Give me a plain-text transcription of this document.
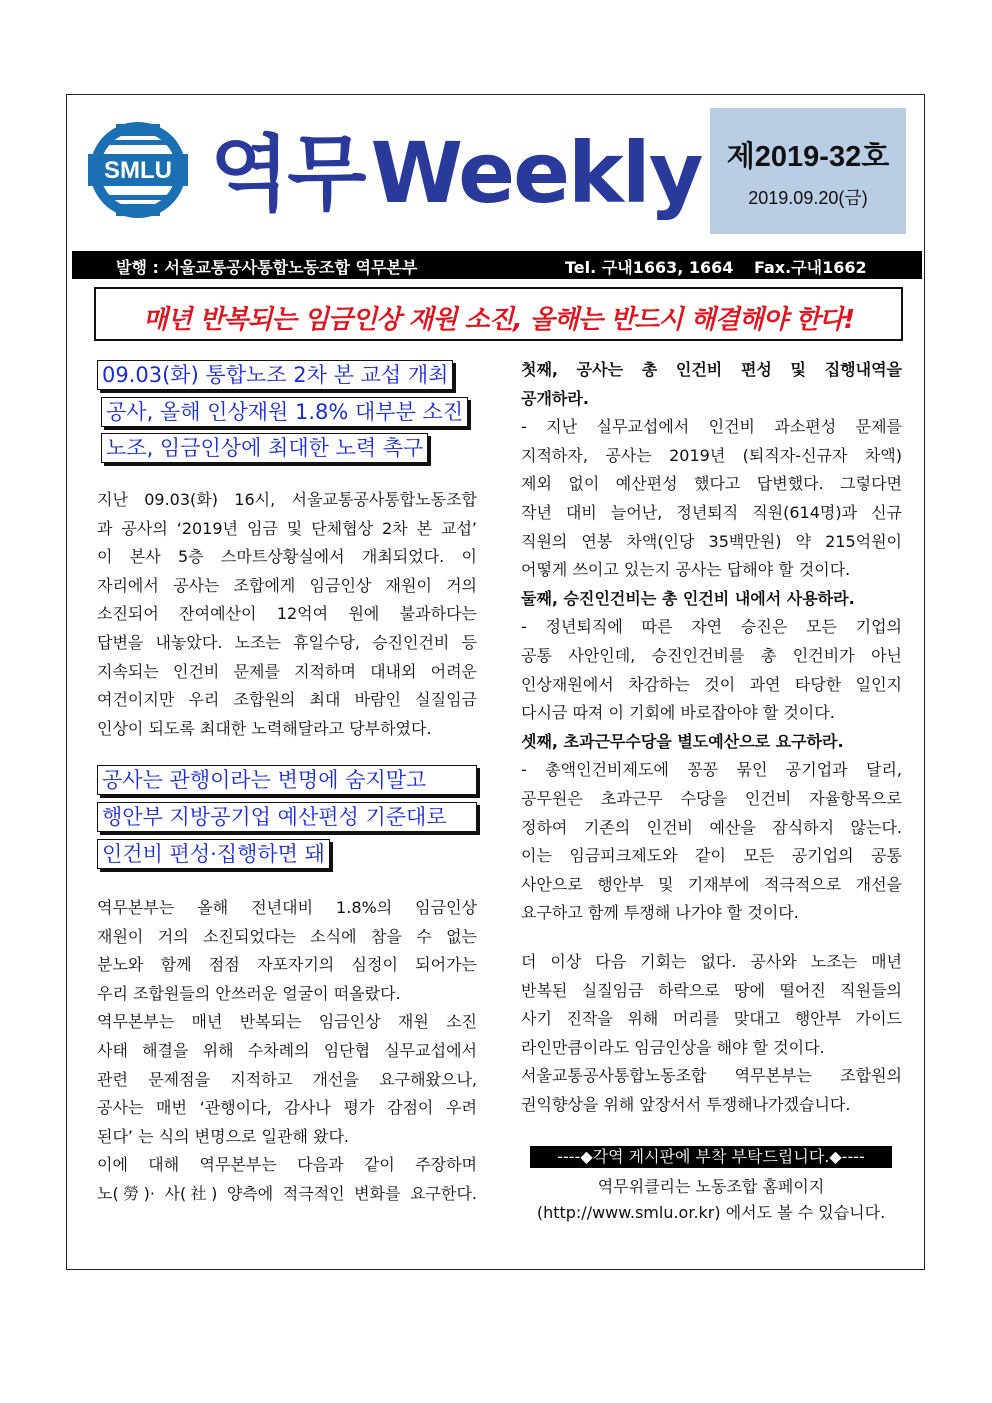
SMLU 역무Weekly 제2019-32호
2019.09.20(금)
발행 : 서울교통공사통합노동조합 역무본부	Tel. 구내1663, 1664 Fax.구내1662
매년 반복되는 임금인상 재원 소진, 올해는 반드시 해결해야 한다!
09.03(화) 통합노조 2차 본 교섭 개최
공사, 올해 인상재원 1.8% 대부분 소진
노조, 임금인상에 최대한 노력 촉구
지난 09.03(화) 16시, 서울교통공사통합노동조합
과 공사의 ‘2019년 임금 및 단체협상 2차 본 교섭’
이 본사 5층 스마트상황실에서 개최되었다. 이
자리에서 공사는 조합에게 임금인상 재원이 거의
소진되어 잔여예산이 12억여 원에 불과하다는
답변을 내놓았다. 노조는 휴일수당, 승진인건비 등
지속되는 인건비 문제를 지적하며 대내외 어려운
여건이지만 우리 조합원의 최대 바람인 실질임금
인상이 되도록 최대한 노력해달라고 당부하였다.
공사는 관행이라는 변명에 숨지말고
행안부 지방공기업 예산편성 기준대로
인건비 편성·집행하면 돼
역무본부는 올해 전년대비 1.8%의 임금인상
재원이 거의 소진되었다는 소식에 참을 수 없는
분노와 함께 점점 자포자기의 심정이 되어가는
우리 조합원들의 안쓰러운 얼굴이 떠올랐다.
역무본부는 매년 반복되는 임금인상 재원 소진
사태 해결을 위해 수차례의 임단협 실무교섭에서
관련 문제점을 지적하고 개선을 요구해왔으나,
공사는 매번 ‘관행이다, 감사나 평가 감점이 우려
된다’ 는 식의 변명으로 일관해 왔다.
이에 대해 역무본부는 다음과 같이 주장하며
노(勞)· 사(社) 양측에 적극적인 변화를 요구한다.
첫째, 공사는 총 인건비 편성 및 집행내역을
공개하라.
- 지난 실무교섭에서 인건비 과소편성 문제를
지적하자, 공사는 2019년 (퇴직자-신규자 차액)
제외 없이 예산편성 했다고 답변했다. 그렇다면
작년 대비 늘어난, 정년퇴직 직원(614명)과 신규
직원의 연봉 차액(인당 35백만원) 약 215억원이
어떻게 쓰이고 있는지 공사는 답해야 할 것이다.
둘째, 승진인건비는 총 인건비 내에서 사용하라.
- 정년퇴직에 따른 자연 승진은 모든 기업의
공통 사안인데, 승진인건비를 총 인건비가 아닌
인상재원에서 차감하는 것이 과연 타당한 일인지
다시금 따져 이 기회에 바로잡아야 할 것이다.
셋째, 초과근무수당을 별도예산으로 요구하라.
- 총액인건비제도에 꽁꽁 묶인 공기업과 달리,
공무원은 초과근무 수당을 인건비 자율항목으로
정하여 기존의 인건비 예산을 잠식하지 않는다.
이는 임금피크제도와 같이 모든 공기업의 공통
사안으로 행안부 및 기재부에 적극적으로 개선을
요구하고 함께 투쟁해 나가야 할 것이다.
더 이상 다음 기회는 없다. 공사와 노조는 매년
반복된 실질임금 하락으로 땅에 떨어진 직원들의
사기 진작을 위해 머리를 맞대고 행안부 가이드
라인만큼이라도 임금인상을 해야 할 것이다.
서울교통공사통합노동조합 역무본부는 조합원의
권익향상을 위해 앞장서서 투쟁해나가겠습니다.
----◆각역 게시판에 부착 부탁드립니다.◆----
역무위클리는 노동조합 홈페이지
(http://www.smlu.or.kr) 에서도 볼 수 있습니다.
